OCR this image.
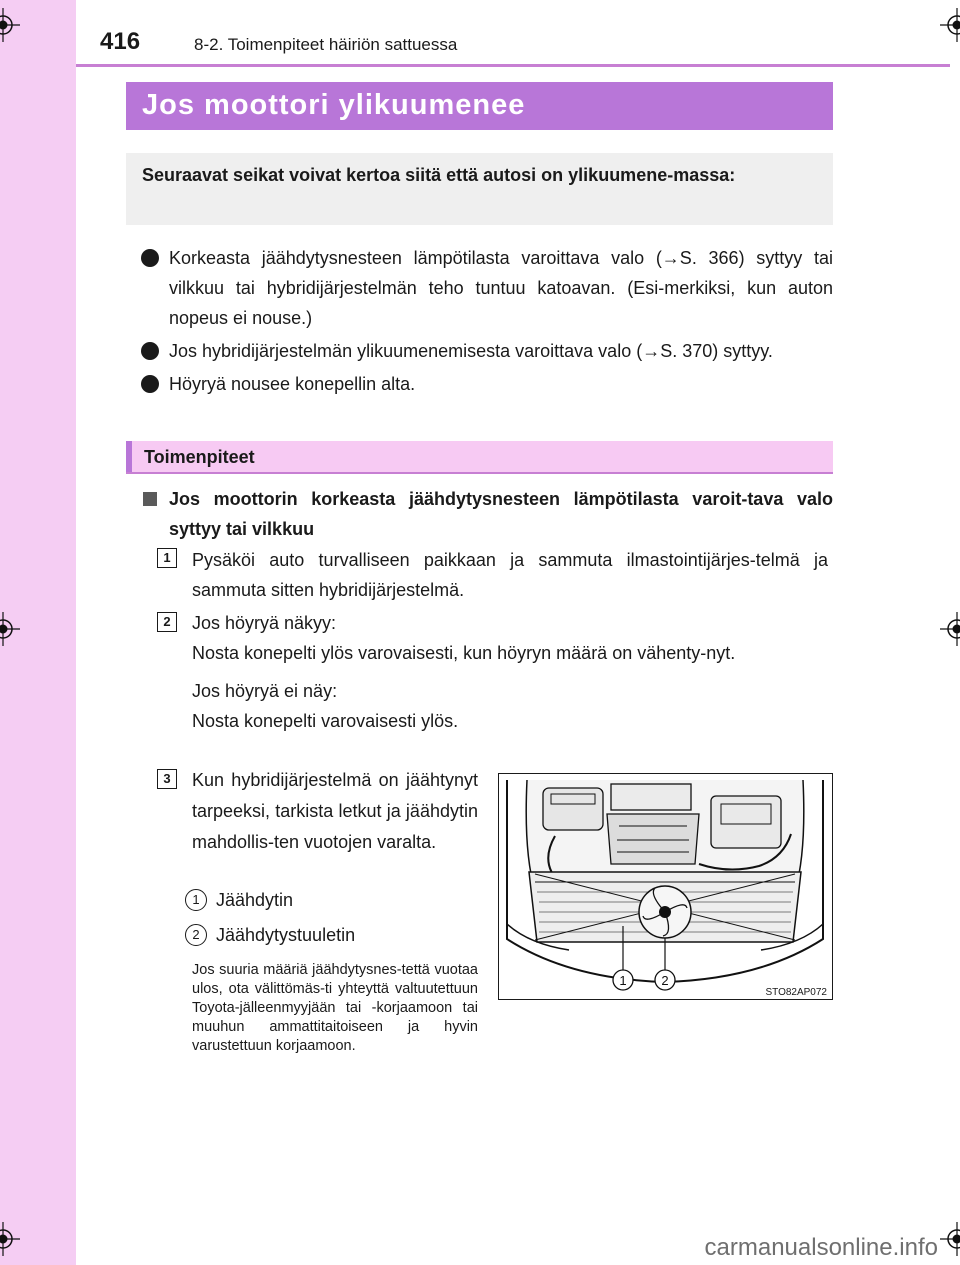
416	8-2. Toimenpiteet häiriön sattuessa
Jos moottori ylikuumenee
Seuraavat seikat voivat kertoa siitä että autosi on ylikuumene-massa:
Korkeasta jäähdytysnesteen lämpötilasta varoittava valo (→S. 366) syttyy tai vilkkuu tai hybridijärjestelmän teho tuntuu katoavan. (Esi-merkiksi, kun auton nopeus ei nouse.)
Jos hybridijärjestelmän ylikuumenemisesta varoittava valo (→S. 370) syttyy.
Höyryä nousee konepellin alta.
Toimenpiteet
Jos moottorin korkeasta jäähdytysnesteen lämpötilasta varoit-tava valo syttyy tai vilkkuu
1	Pysäköi auto turvalliseen paikkaan ja sammuta ilmastointijärjes-telmä ja sammuta sitten hybridijärjestelmä.
2	Jos höyryä näkyy:
Nosta konepelti ylös varovaisesti, kun höyryn määrä on vähenty-nyt.
Jos höyryä ei näy:
Nosta konepelti varovaisesti ylös.
3	Kun hybridijärjestelmä on jäähtynyt tarpeeksi, tarkista letkut ja jäähdytin mahdollis-ten vuotojen varalta.
1 Jäähdytin
2 Jäähdytystuuletin
Jos suuria määriä jäähdytysnes-tettä vuotaa ulos, ota välittömäs-ti yhteyttä valtuutettuun Toyota-jälleenmyyjään tai -korjaamoon tai muuhun ammattitaitoiseen ja hyvin varustettuun korjaamoon.
1	2
STO82AP072
carmanualsonline.info
